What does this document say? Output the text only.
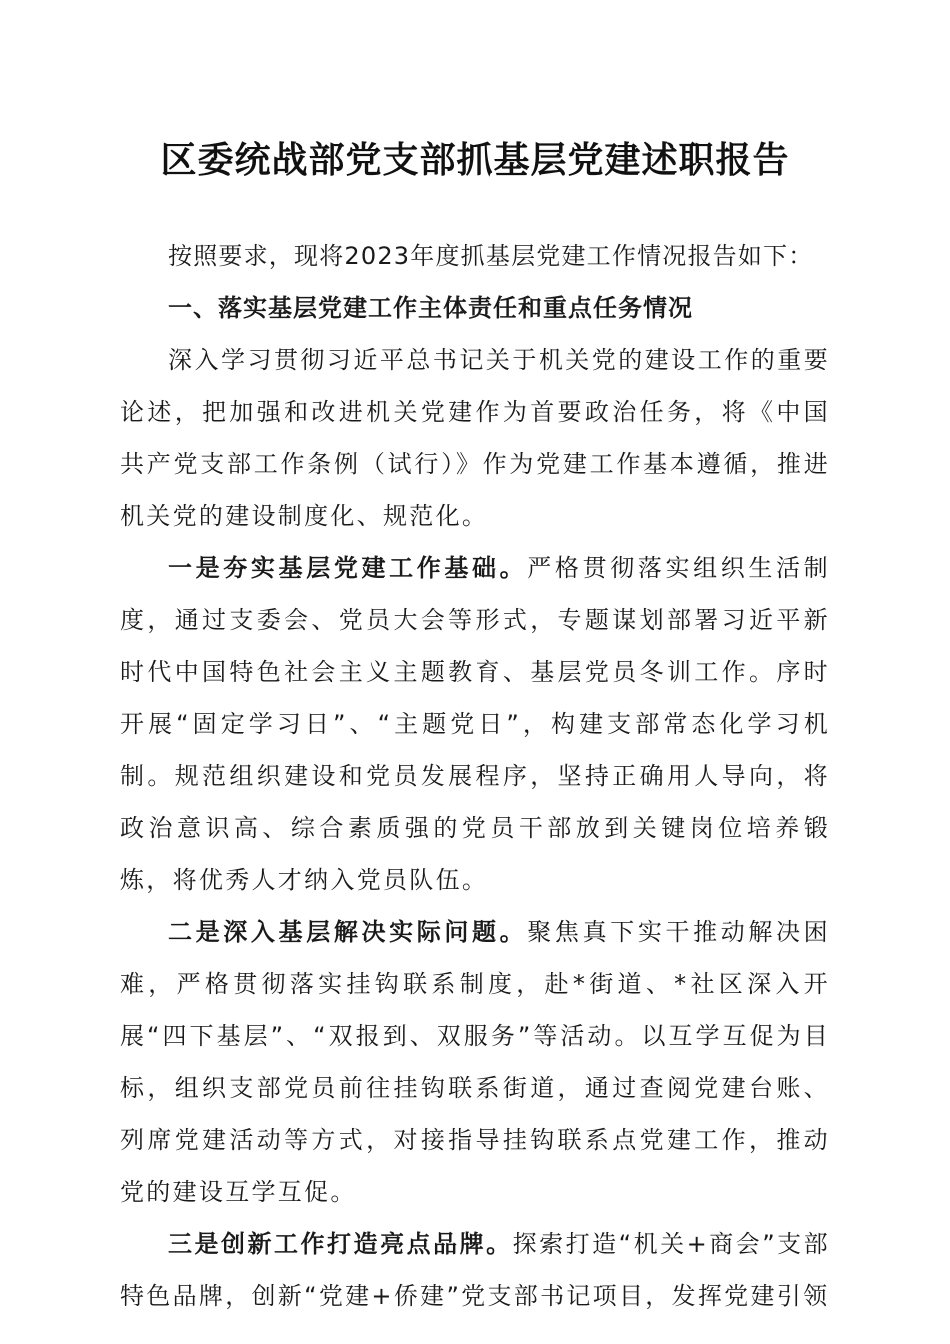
区委统战部党支部抓基层党建述职报告

按照要求，现将2023年度抓基层党建工作情况报告如下：

一、落实基层党建工作主体责任和重点任务情况

深入学习贯彻习近平总书记关于机关党的建设工作的重要论述，把加强和改进机关党建作为首要政治任务，将《中国共产党支部工作条例（试行）》作为党建工作基本遵循，推进机关党的建设制度化、规范化。

一是夯实基层党建工作基础。严格贯彻落实组织生活制度，通过支委会、党员大会等形式，专题谋划部署习近平新时代中国特色社会主义主题教育、基层党员冬训工作。序时开展“固定学习日”、“主题党日”，构建支部常态化学习机制。规范组织建设和党员发展程序，坚持正确用人导向，将政治意识高、综合素质强的党员干部放到关键岗位培养锻炼，将优秀人才纳入党员队伍。

二是深入基层解决实际问题。聚焦真下实干推动解决困难，严格贯彻落实挂钩联系制度，赴*街道、*社区深入开展“四下基层”、“双报到、双服务”等活动。以互学互促为目标，组织支部党员前往挂钩联系街道，通过查阅党建台账、列席党建活动等方式，对接指导挂钩联系点党建工作，推动党的建设互学互促。

三是创新工作打造亮点品牌。探索打造“机关+商会”支部特色品牌，创新“党建+侨建”党支部书记项目，发挥党建引领
